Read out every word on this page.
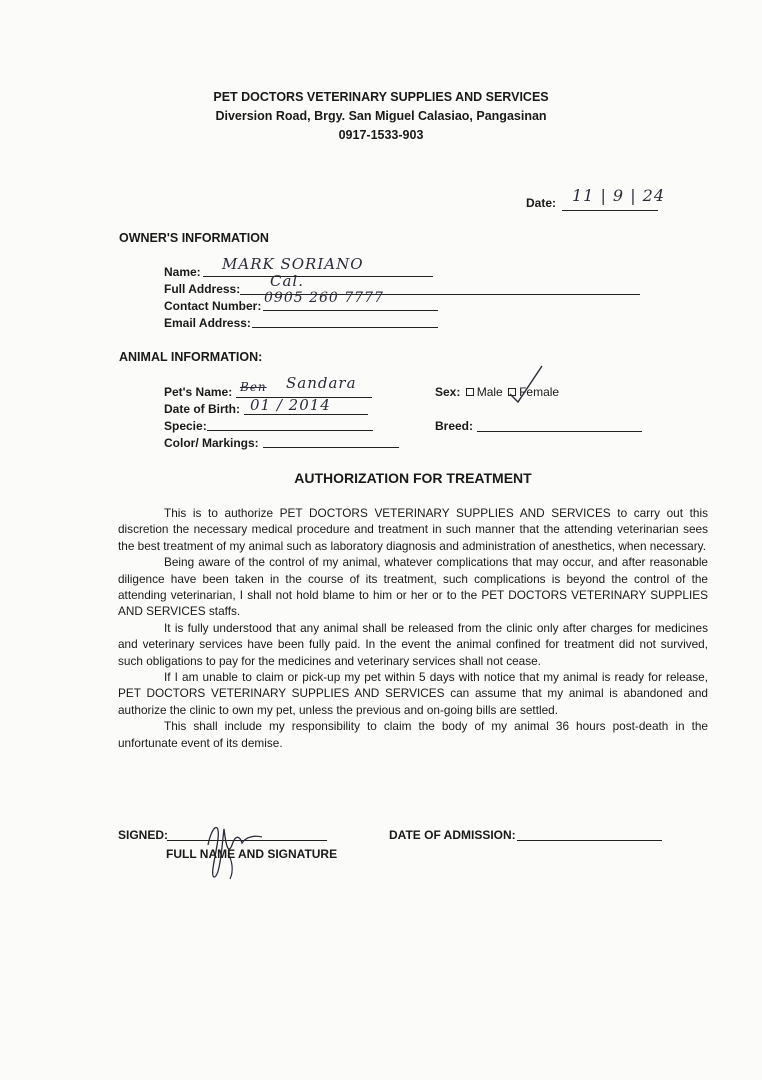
PET DOCTORS VETERINARY SUPPLIES AND SERVICES
Diversion Road, Brgy. San Miguel Calasiao, Pangasinan
0917-1533-903
Date: 11 | 9 | 24
OWNER'S INFORMATION
Name: MARK SORIANO
Full Address: Cal.
Contact Number: 0905 260 7777
Email Address:
ANIMAL INFORMATION:
Pet's Name: Ben Sandara
Date of Birth: 01 / 2014
Specie:
Color/ Markings:
Sex: Male Female
Breed:
AUTHORIZATION FOR TREATMENT

This is to authorize PET DOCTORS VETERINARY SUPPLIES AND SERVICES to carry out this discretion the necessary medical procedure and treatment in such manner that the attending veterinarian sees the best treatment of my animal such as laboratory diagnosis and administration of anesthetics, when necessary.

Being aware of the control of my animal, whatever complications that may occur, and after reasonable diligence have been taken in the course of its treatment, such complications is beyond the control of the attending veterinarian, I shall not hold blame to him or her or to the PET DOCTORS VETERINARY SUPPLIES AND SERVICES staffs.

It is fully understood that any animal shall be released from the clinic only after charges for medicines and veterinary services have been fully paid. In the event the animal confined for treatment did not survived, such obligations to pay for the medicines and veterinary services shall not cease.

If I am unable to claim or pick-up my pet within 5 days with notice that my animal is ready for release, PET DOCTORS VETERINARY SUPPLIES AND SERVICES can assume that my animal is abandoned and authorize the clinic to own my pet, unless the previous and on-going bills are settled.

This shall include my responsibility to claim the body of my animal 36 hours post-death in the unfortunate event of its demise.

SIGNED:
FULL NAME AND SIGNATURE
DATE OF ADMISSION:
